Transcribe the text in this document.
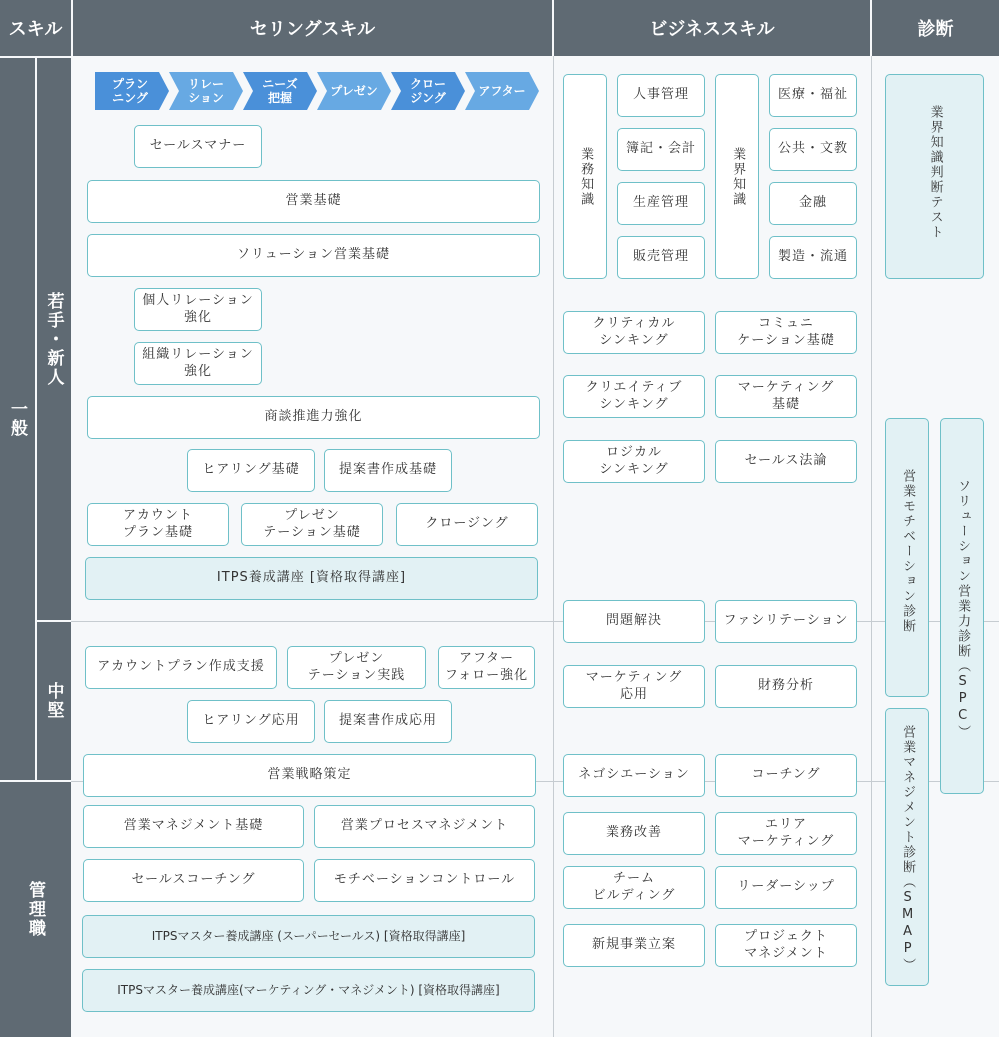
スキル	セリングスキル	ビジネススキル	診断
一般
若手・新人
中堅
管理職
プラン
ニング
リレー
ション
ニーズ
把握
プレゼン
クロー
ジング
アフター
セールスマナー
営業基礎
ソリューション営業基礎
個人リレーション
強化
組織リレーション
強化
商談推進力強化
ヒアリング基礎	提案書作成基礎
アカウント
プラン基礎
プレゼン
テーション基礎
クロージング
ITPS養成講座 [資格取得講座]
アカウントプラン作成支援
プレゼン
テーション実践
アフター
フォロー強化
ヒアリング応用	提案書作成応用
営業戦略策定
営業マネジメント基礎	営業プロセスマネジメント
セールスコーチング	モチベーションコントロール
ITPSマスター養成講座 (スーパーセールス) [資格取得講座]
ITPSマスター養成講座(マーケティング・マネジメント) [資格取得講座]
業務知識
人事管理
簿記・会計
生産管理
販売管理
業界知識
医療・福祉
公共・文教
金融
製造・流通
クリティカル
シンキング
コミュニ
ケーション基礎
クリエイティブ
シンキング
マーケティング
基礎
ロジカル
シンキング
セールス法論
問題解決	ファシリテーション
マーケティング
応用
財務分析
ネゴシエーション	コーチング
業務改善
エリア
マーケティング
チーム
ビルディング
リーダーシップ
新規事業立案
プロジェクト
マネジメント
業界知識判断テスト
営業モチベーション診断	ソリューション営業力診断（SPC）
営業マネジメント診断（SMAP）
